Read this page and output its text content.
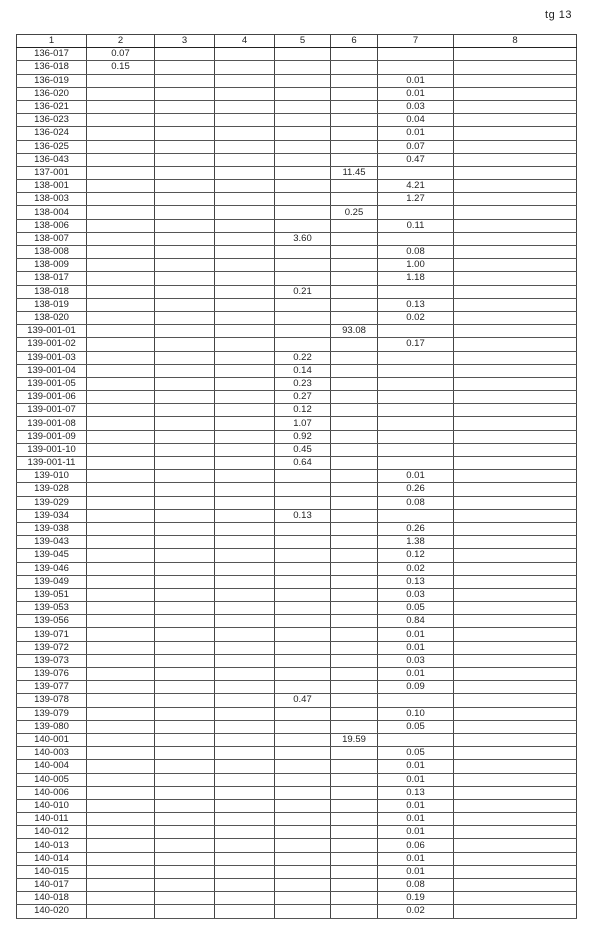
tg 13
1	2	3	4	5	6	7	8
136-017	0.07						
136-018	0.15						
136-019						0.01	
136-020						0.01	
136-021						0.03	
136-023						0.04	
136-024						0.01	
136-025						0.07	
136-043						0.47	
137-001					11.45		
138-001						4.21	
138-003						1.27	
138-004					0.25		
138-006						0.11	
138-007				3.60			
138-008						0.08	
138-009						1.00	
138-017						1.18	
138-018				0.21			
138-019						0.13	
138-020						0.02	
139-001-01					93.08		
139-001-02						0.17	
139-001-03				0.22			
139-001-04				0.14			
139-001-05				0.23			
139-001-06				0.27			
139-001-07				0.12			
139-001-08				1.07			
139-001-09				0.92			
139-001-10				0.45			
139-001-11				0.64			
139-010						0.01	
139-028						0.26	
139-029						0.08	
139-034				0.13			
139-038						0.26	
139-043						1.38	
139-045						0.12	
139-046						0.02	
139-049						0.13	
139-051						0.03	
139-053						0.05	
139-056						0.84	
139-071						0.01	
139-072						0.01	
139-073						0.03	
139-076						0.01	
139-077						0.09	
139-078				0.47			
139-079						0.10	
139-080						0.05	
140-001					19.59		
140-003						0.05	
140-004						0.01	
140-005						0.01	
140-006						0.13	
140-010						0.01	
140-011						0.01	
140-012						0.01	
140-013						0.06	
140-014						0.01	
140-015						0.01	
140-017						0.08	
140-018						0.19	
140-020						0.02	
